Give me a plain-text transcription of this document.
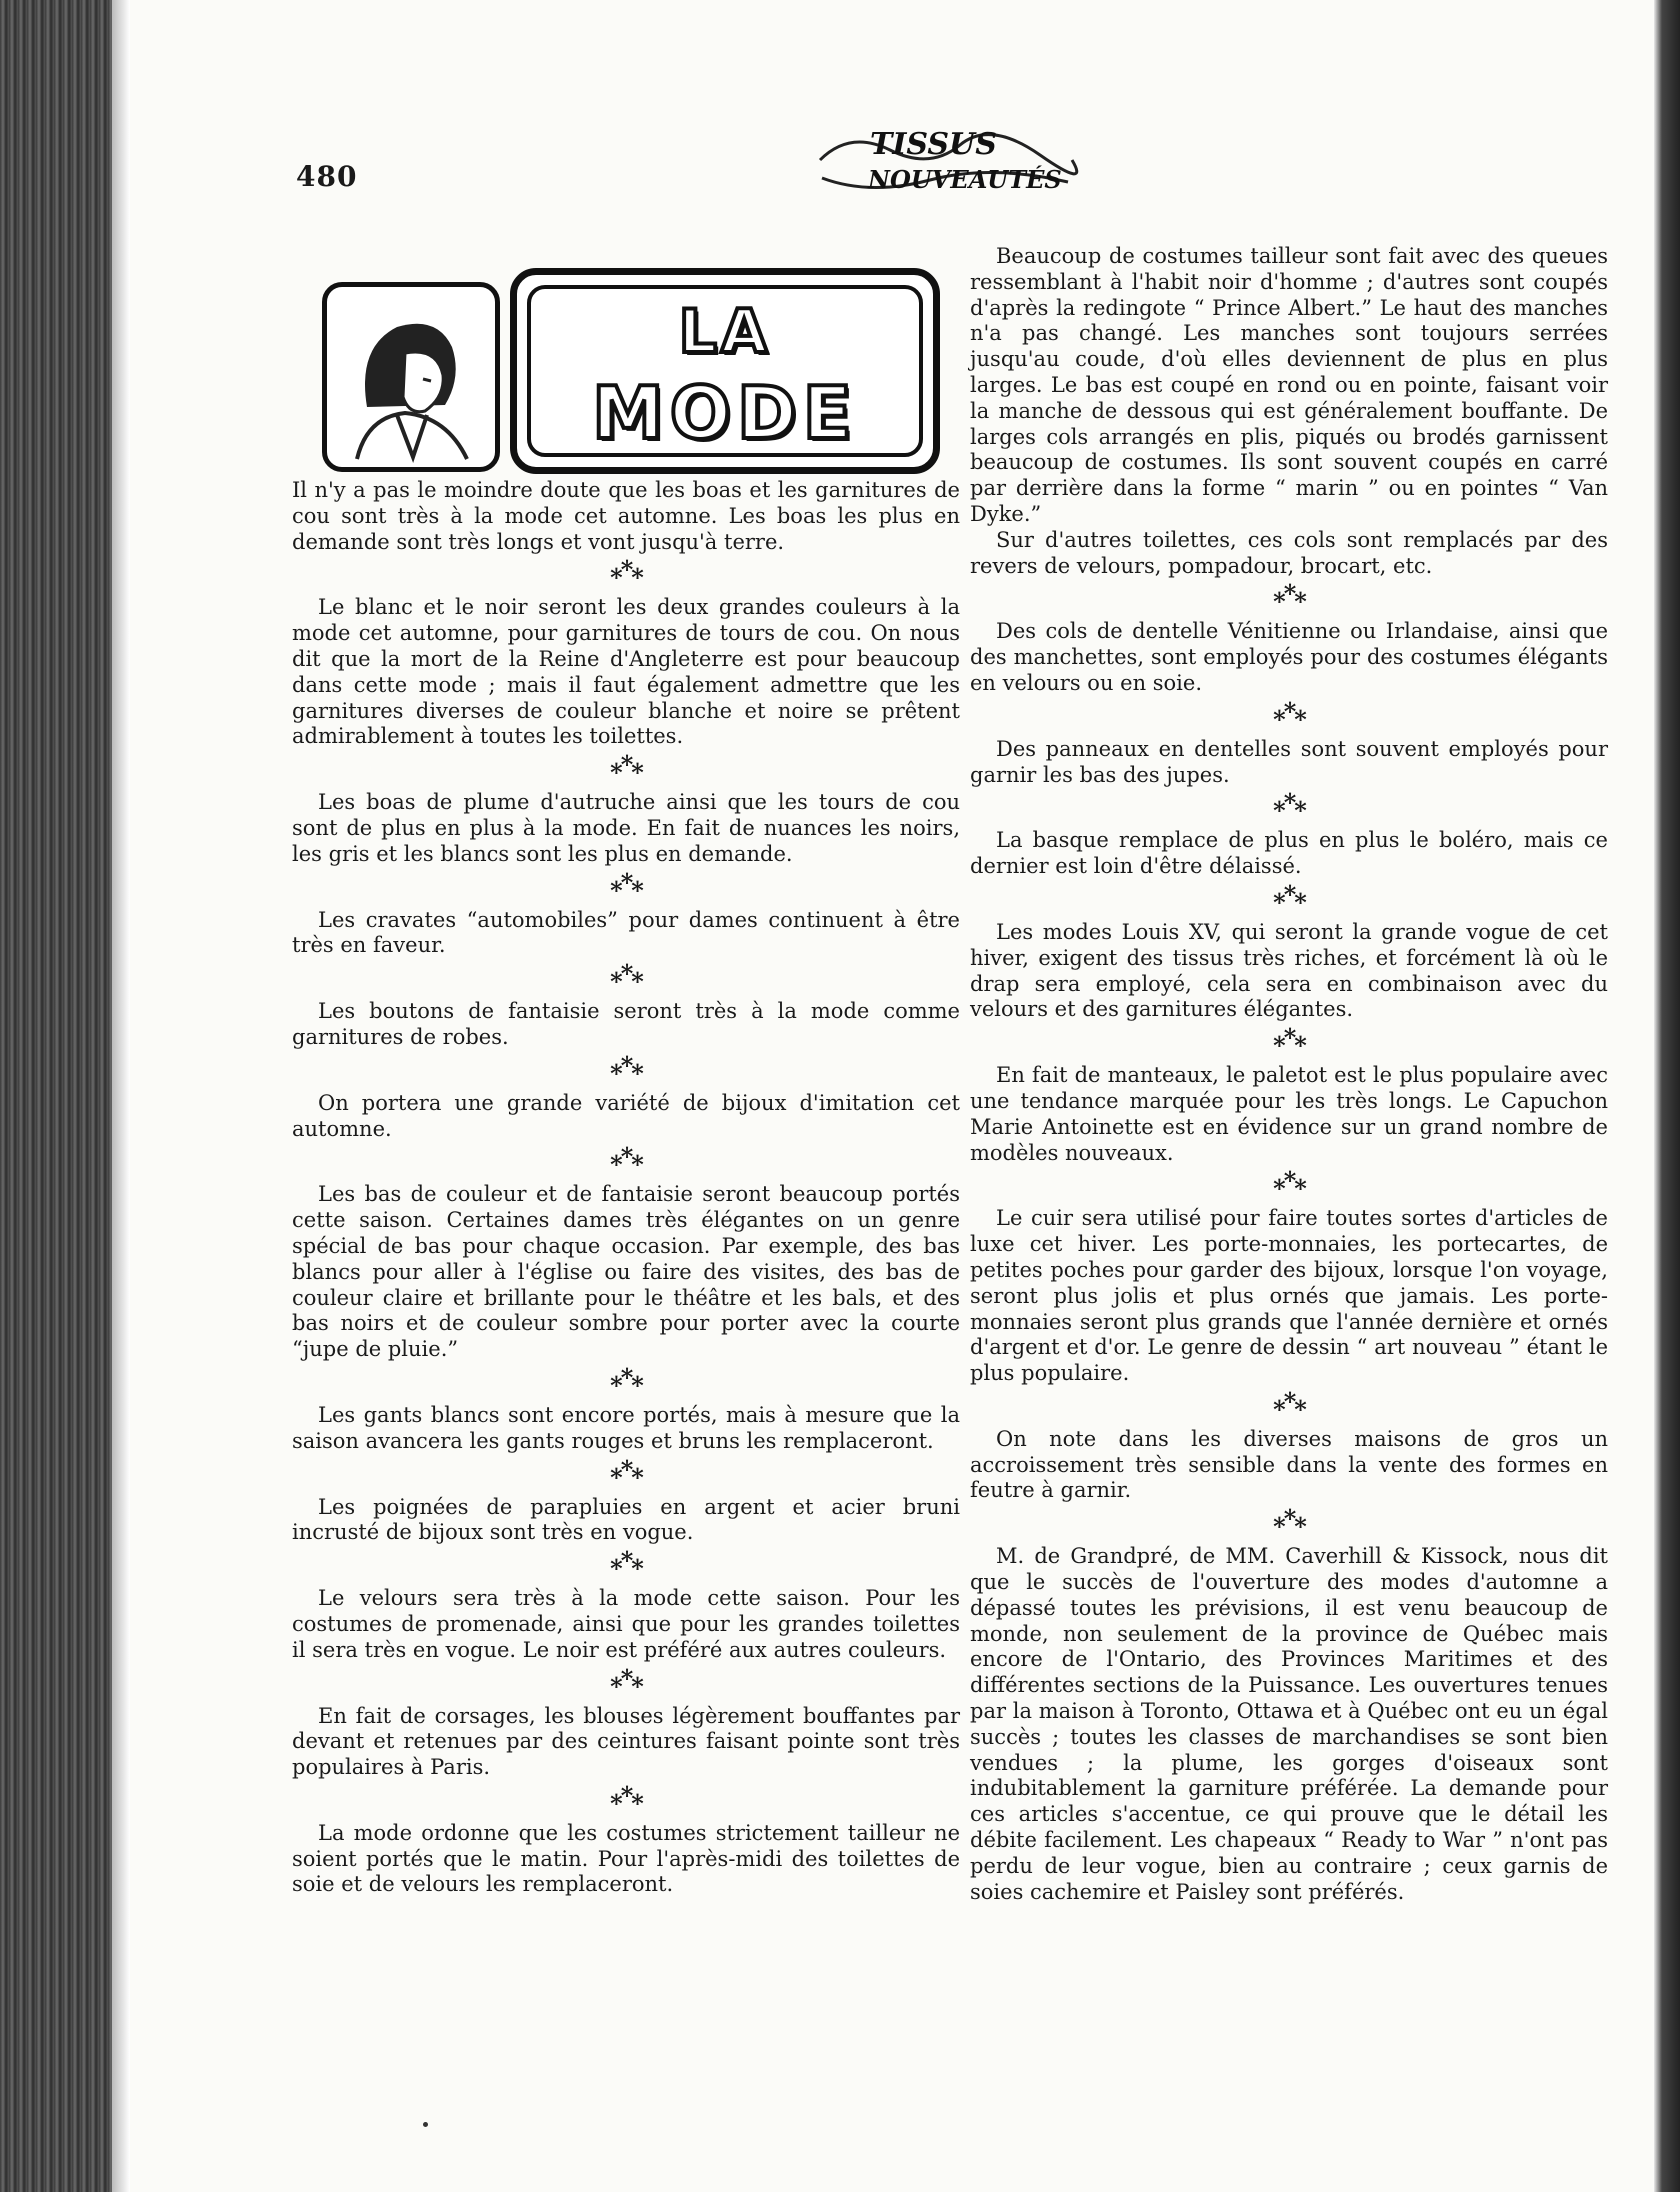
480
TISSUS
NOUVEAUTÉS
LA
MODE

Il n'y a pas le moindre doute que les boas et les garnitures de cou sont très à la mode cet automne. Les boas les plus en demande sont très longs et vont jusqu'à terre.

***

Le blanc et le noir seront les deux grandes couleurs à la mode cet automne, pour garnitures de tours de cou. On nous dit que la mort de la Reine d'Angleterre est pour beaucoup dans cette mode ; mais il faut également admettre que les garnitures diverses de couleur blanche et noire se prêtent admirablement à toutes les toilettes.

***

Les boas de plume d'autruche ainsi que les tours de cou sont de plus en plus à la mode. En fait de nuances les noirs, les gris et les blancs sont les plus en demande.

***

Les cravates “automobiles” pour dames continuent à être très en faveur.

***

Les boutons de fantaisie seront très à la mode comme garnitures de robes.

***

On portera une grande variété de bijoux d'imitation cet automne.

***

Les bas de couleur et de fantaisie seront beaucoup portés cette saison. Certaines dames très élégantes on un genre spécial de bas pour chaque occasion. Par exemple, des bas blancs pour aller à l'église ou faire des visites, des bas de couleur claire et brillante pour le théâtre et les bals, et des bas noirs et de couleur sombre pour porter avec la courte “jupe de pluie.”

***

Les gants blancs sont encore portés, mais à mesure que la saison avancera les gants rouges et bruns les remplaceront.

***

Les poignées de parapluies en argent et acier bruni incrusté de bijoux sont très en vogue.

***

Le velours sera très à la mode cette saison. Pour les costumes de promenade, ainsi que pour les grandes toilettes il sera très en vogue. Le noir est préféré aux autres couleurs.

***

En fait de corsages, les blouses légèrement bouffantes par devant et retenues par des ceintures faisant pointe sont très populaires à Paris.

***

La mode ordonne que les costumes strictement tailleur ne soient portés que le matin. Pour l'après-midi des toilettes de soie et de velours les remplaceront.

Beaucoup de costumes tailleur sont fait avec des queues ressemblant à l'habit noir d'homme ; d'autres sont coupés d'après la redingote “ Prince Albert.” Le haut des manches n'a pas changé. Les manches sont toujours serrées jusqu'au coude, d'où elles deviennent de plus en plus larges. Le bas est coupé en rond ou en pointe, faisant voir la manche de dessous qui est généralement bouffante. De larges cols arrangés en plis, piqués ou brodés garnissent beaucoup de costumes. Ils sont souvent coupés en carré par derrière dans la forme “ marin ” ou en pointes “ Van Dyke.”

Sur d'autres toilettes, ces cols sont remplacés par des revers de velours, pompadour, brocart, etc.

***

Des cols de dentelle Vénitienne ou Irlandaise, ainsi que des manchettes, sont employés pour des costumes élégants en velours ou en soie.

***

Des panneaux en dentelles sont souvent employés pour garnir les bas des jupes.

***

La basque remplace de plus en plus le boléro, mais ce dernier est loin d'être délaissé.

***

Les modes Louis XV, qui seront la grande vogue de cet hiver, exigent des tissus très riches, et forcément là où le drap sera employé, cela sera en combinaison avec du velours et des garnitures élégantes.

***

En fait de manteaux, le paletot est le plus populaire avec une tendance marquée pour les très longs. Le Capuchon Marie Antoinette est en évidence sur un grand nombre de modèles nouveaux.

***

Le cuir sera utilisé pour faire toutes sortes d'articles de luxe cet hiver. Les porte-monnaies, les portecartes, de petites poches pour garder des bijoux, lorsque l'on voyage, seront plus jolis et plus ornés que jamais. Les porte-monnaies seront plus grands que l'année dernière et ornés d'argent et d'or. Le genre de dessin “ art nouveau ” étant le plus populaire.

***

On note dans les diverses maisons de gros un accroissement très sensible dans la vente des formes en feutre à garnir.

***

M. de Grandpré, de MM. Caverhill & Kissock, nous dit que le succès de l'ouverture des modes d'automne a dépassé toutes les prévisions, il est venu beaucoup de monde, non seulement de la province de Québec mais encore de l'Ontario, des Provinces Maritimes et des différentes sections de la Puissance. Les ouvertures tenues par la maison à Toronto, Ottawa et à Québec ont eu un égal succès ; toutes les classes de marchandises se sont bien vendues ; la plume, les gorges d'oiseaux sont indubitablement la garniture préférée. La demande pour ces articles s'accentue, ce qui prouve que le détail les débite facilement. Les chapeaux “ Ready to War ” n'ont pas perdu de leur vogue, bien au contraire ; ceux garnis de soies cachemire et Paisley sont préférés.
